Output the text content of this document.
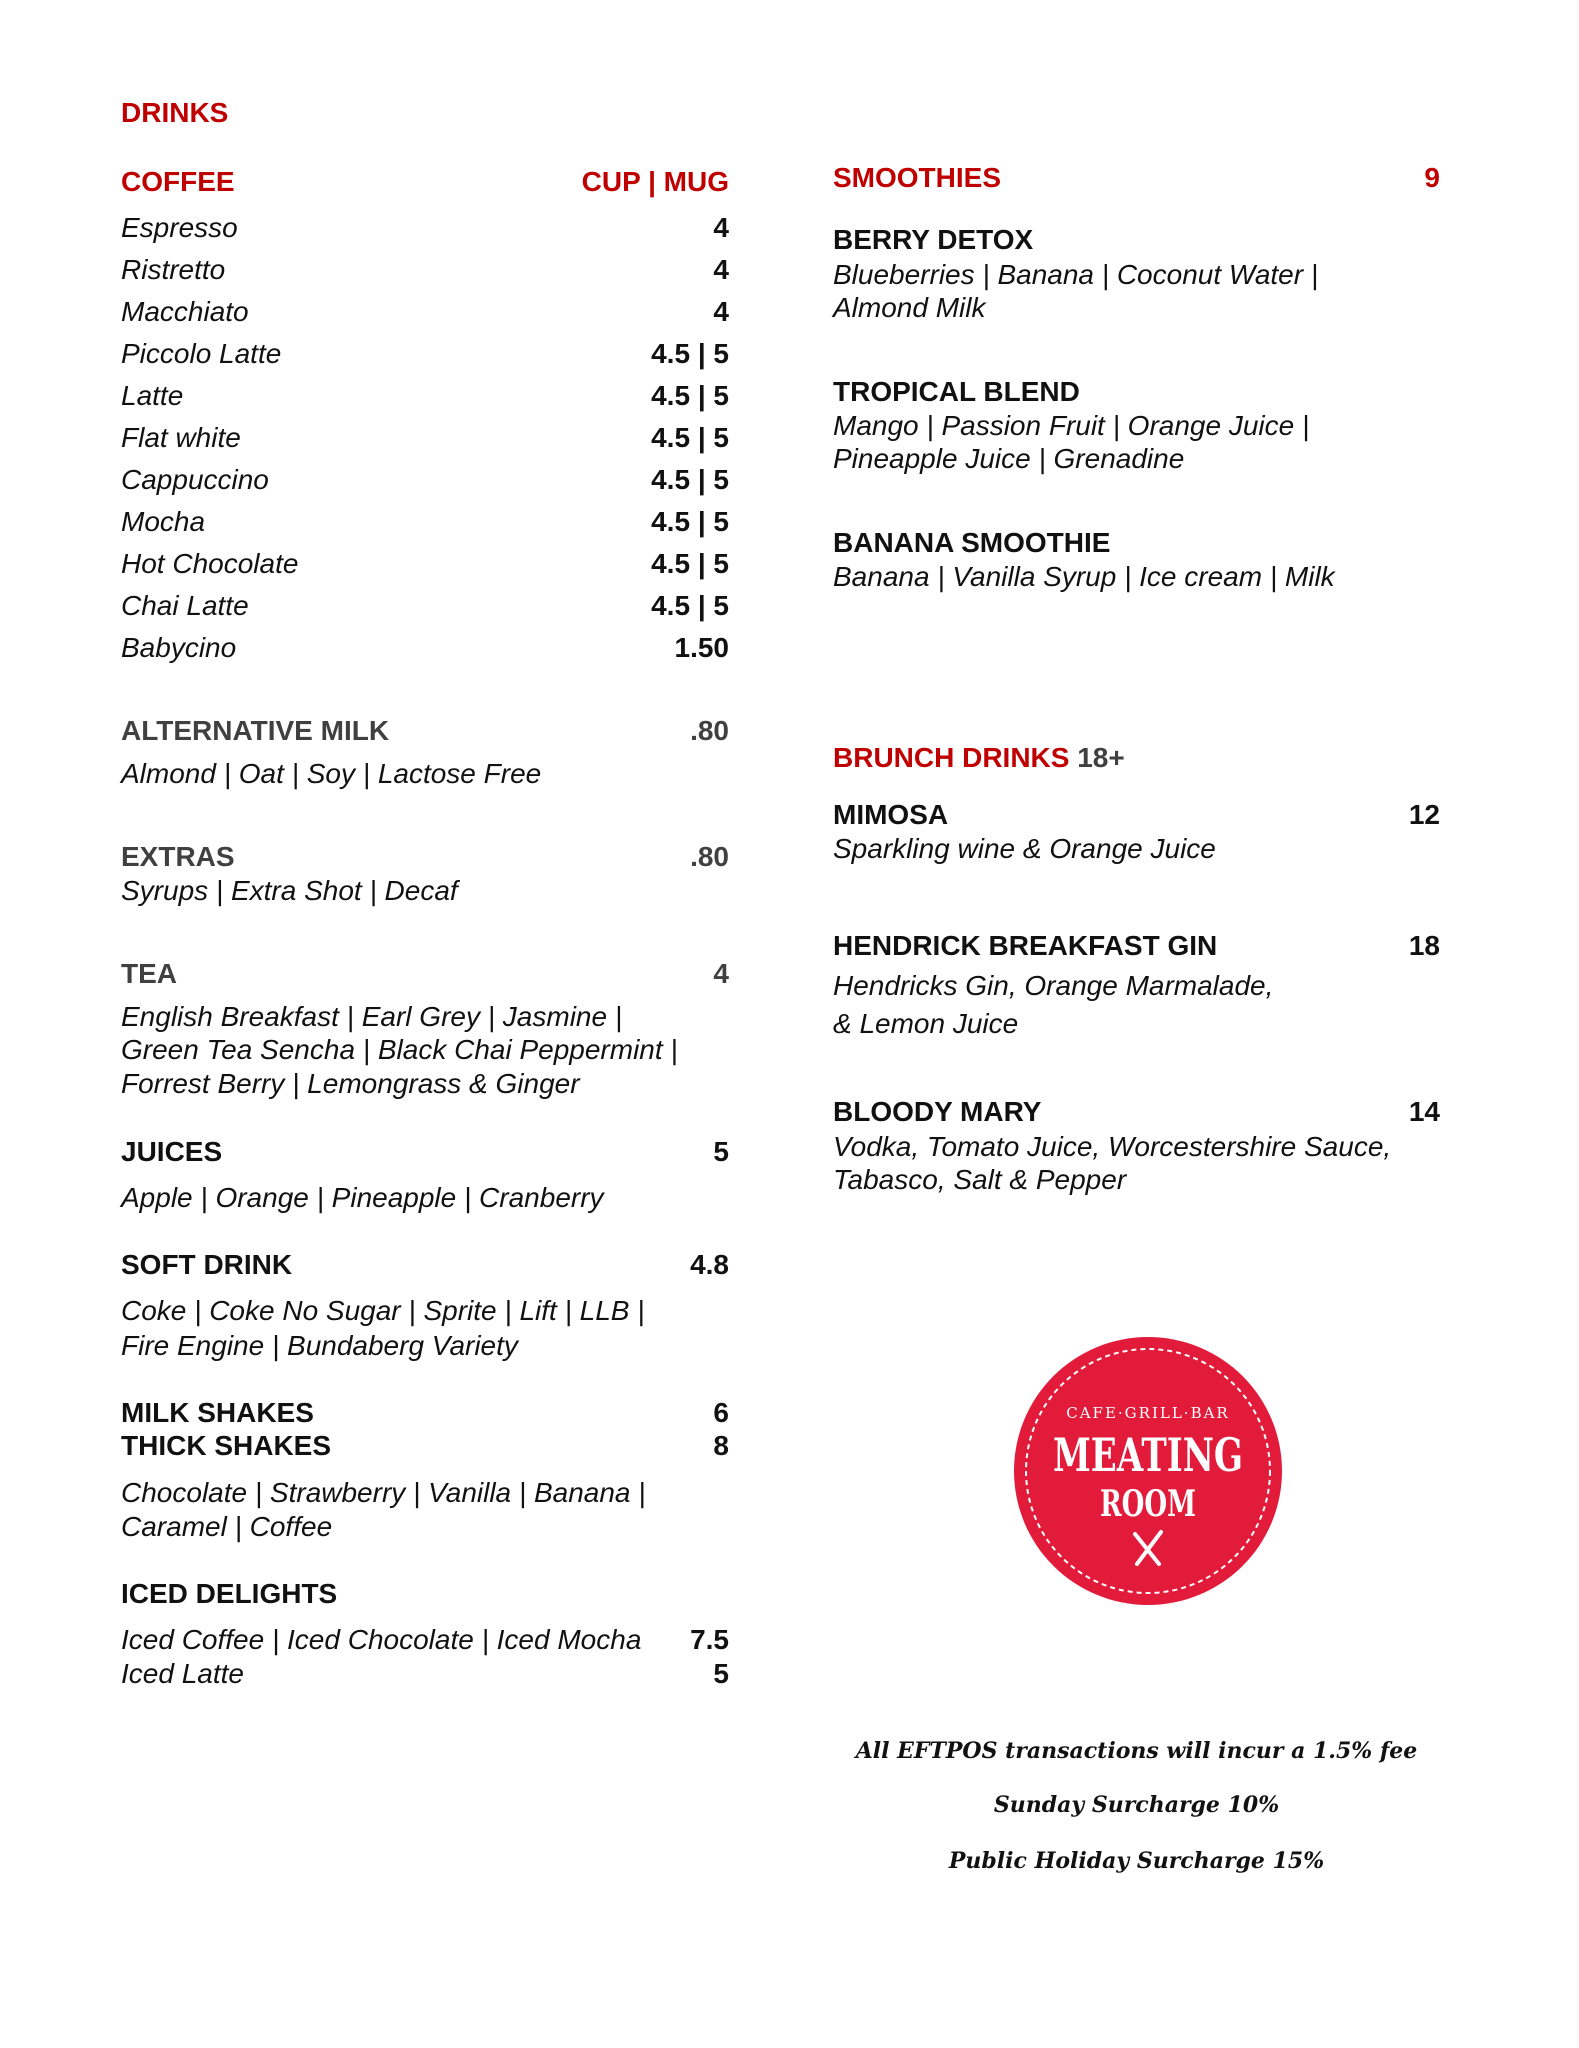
DRINKS
COFFEE	CUP | MUG
Espresso	4
Ristretto	4
Macchiato	4
Piccolo Latte	4.5 | 5
Latte	4.5 | 5
Flat white	4.5 | 5
Cappuccino	4.5 | 5
Mocha	4.5 | 5
Hot Chocolate	4.5 | 5
Chai Latte	4.5 | 5
Babycino	1.50
ALTERNATIVE MILK	.80
Almond | Oat | Soy | Lactose Free
EXTRAS	.80
Syrups | Extra Shot | Decaf
TEA	4
English Breakfast | Earl Grey | Jasmine |
Green Tea Sencha | Black Chai Peppermint |
Forrest Berry | Lemongrass & Ginger
JUICES	5
Apple | Orange | Pineapple | Cranberry
SOFT DRINK	4.8
Coke | Coke No Sugar | Sprite | Lift | LLB |
Fire Engine | Bundaberg Variety
MILK SHAKES	6
THICK SHAKES	8
Chocolate | Strawberry | Vanilla | Banana |
Caramel | Coffee
ICED DELIGHTS
Iced Coffee | Iced Chocolate | Iced Mocha 7.5
Iced Latte	5
SMOOTHIES	9
BERRY DETOX
Blueberries | Banana | Coconut Water |
Almond Milk
TROPICAL BLEND
Mango | Passion Fruit | Orange Juice |
Pineapple Juice | Grenadine
BANANA SMOOTHIE
Banana | Vanilla Syrup | Ice cream | Milk
BRUNCH DRINKS 18+
MIMOSA	12
Sparkling wine & Orange Juice
HENDRICK BREAKFAST GIN	18
Hendricks Gin, Orange Marmalade,
& Lemon Juice
BLOODY MARY	14
Vodka, Tomato Juice, Worcestershire Sauce,
Tabasco, Salt & Pepper
CAFE·GRILL·BAR
MEATING
ROOM
All EFTPOS transactions will incur a 1.5% fee
Sunday Surcharge 10%
Public Holiday Surcharge 15%
